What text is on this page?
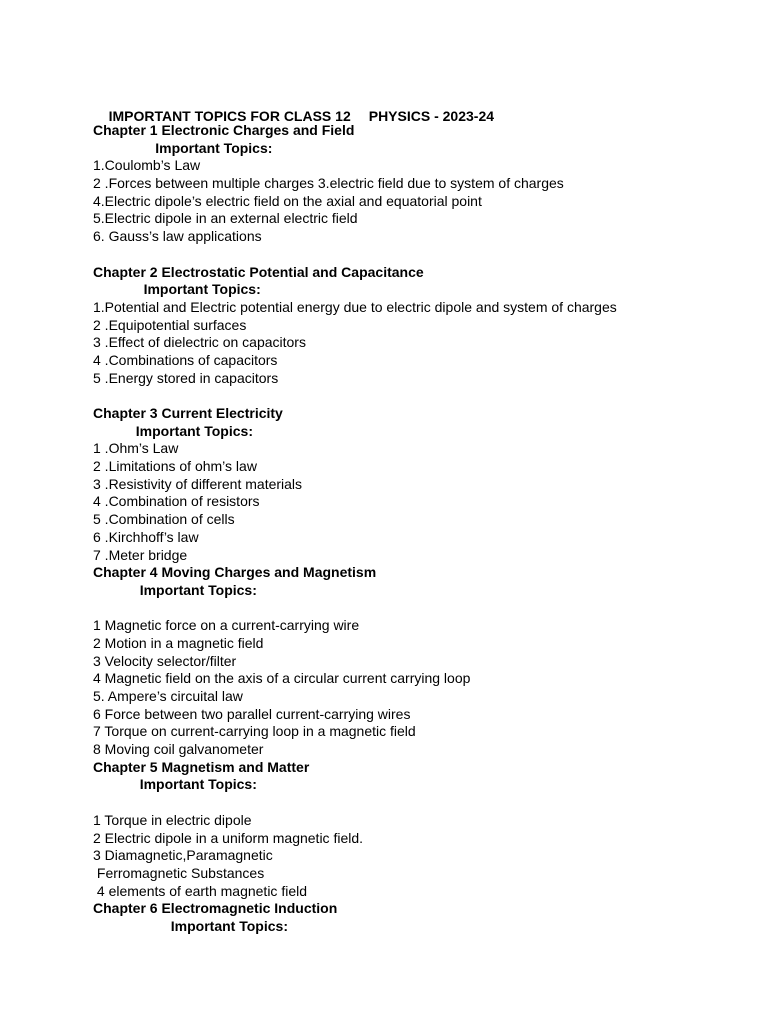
IMPORTANT TOPICS FOR CLASS 12 PHYSICS - 2023-24

Chapter 1 Electronic Charges and Field
Important Topics:
1.Coulomb’s Law
2 .Forces between multiple charges 3.electric field due to system of charges
4.Electric dipole’s electric field on the axial and equatorial point
5.Electric dipole in an external electric field
6. Gauss’s law applications
Chapter 2 Electrostatic Potential and Capacitance
Important Topics:
1.Potential and Electric potential energy due to electric dipole and system of charges
2 .Equipotential surfaces
3 .Effect of dielectric on capacitors
4 .Combinations of capacitors
5 .Energy stored in capacitors
Chapter 3 Current Electricity
Important Topics:
1 .Ohm’s Law
2 .Limitations of ohm’s law
3 .Resistivity of different materials
4 .Combination of resistors
5 .Combination of cells
6 .Kirchhoff’s law
7 .Meter bridge
Chapter 4 Moving Charges and Magnetism
Important Topics:
1 Magnetic force on a current-carrying wire
2 Motion in a magnetic field
3 Velocity selector/filter
4 Magnetic field on the axis of a circular current carrying loop
5. Ampere’s circuital law
6 Force between two parallel current-carrying wires
7 Torque on current-carrying loop in a magnetic field
8 Moving coil galvanometer
Chapter 5 Magnetism and Matter
Important Topics:
1 Torque in electric dipole
2 Electric dipole in a uniform magnetic field.
3 Diamagnetic,Paramagnetic
Ferromagnetic Substances
4 elements of earth magnetic field
Chapter 6 Electromagnetic Induction
Important Topics:
